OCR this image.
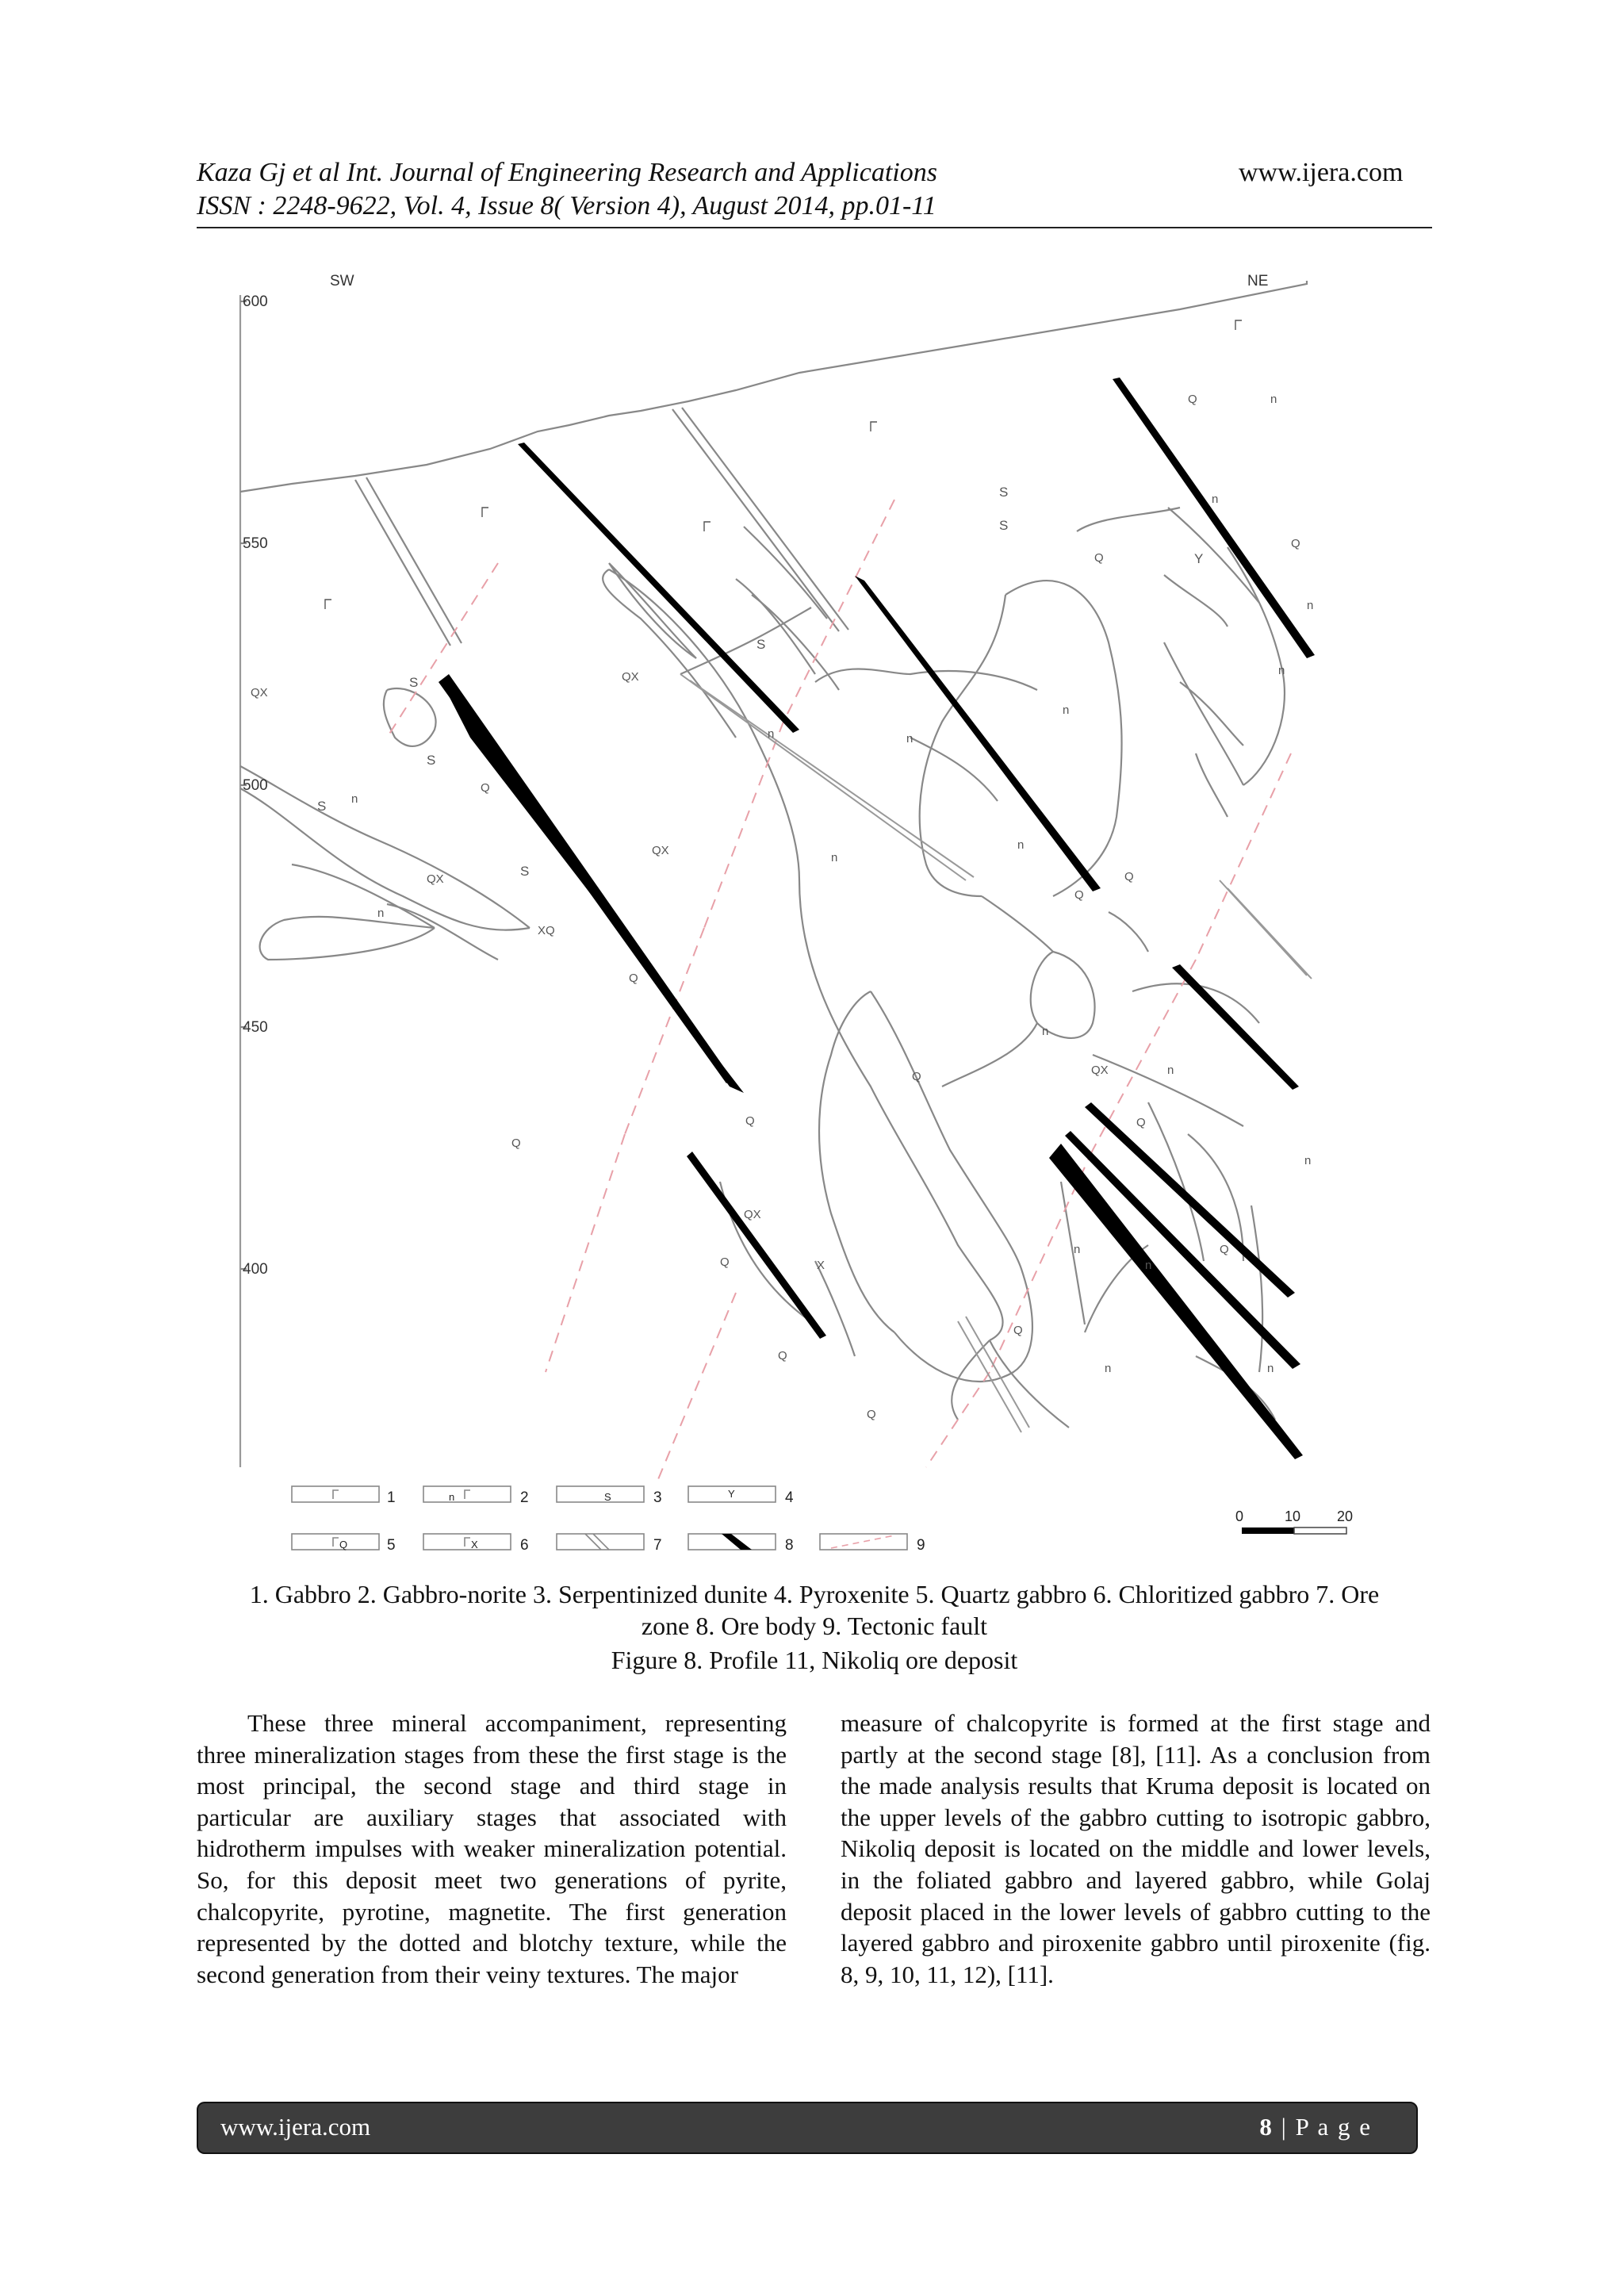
Kaza Gj et al Int. Journal of Engineering Research and Applications
ISSN : 2248-9622, Vol. 4, Issue 8( Version 4), August 2014, pp.01-11
www.ijera.com
600
550
500
450
400
SW	NE
Q
Q
Q
Q
Q
Q
Q
Q
Q	Q
Q
Q
Q
Q
Q
Q
n
n
n
n
n
n	n
n
n
n
n
n
n
n
n
n
n	n
QX
QX
QX
QX
QX
QX
XQ
X
S
S
S
S
S
S
S
Y
1	n	2	S	3	Y	4
Q	5	X	6	7	8	9
0	10	20
1. Gabbro 2. Gabbro-norite 3. Serpentinized dunite 4. Pyroxenite 5. Quartz gabbro 6. Chloritized gabbro 7. Ore
zone 8. Ore body 9. Tectonic fault
Figure 8. Profile 11, Nikoliq ore deposit
These three mineral accompaniment, representing three mineralization stages from these the first stage is the most principal, the second stage and third stage in particular are auxiliary stages that associated with hidrotherm impulses with weaker mineralization potential. So, for this deposit meet two generations of pyrite, chalcopyrite, pyrotine, magnetite. The first generation represented by the dotted and blotchy texture, while the second generation from their veiny textures. The major
measure of chalcopyrite is formed at the first stage and partly at the second stage [8], [11]. As a conclusion from the made analysis results that Kruma deposit is located on the upper levels of the gabbro cutting to isotropic gabbro, Nikoliq deposit is located on the middle and lower levels, in the foliated gabbro and layered gabbro, while Golaj deposit placed in the lower levels of gabbro cutting to the layered gabbro and piroxenite gabbro until piroxenite (fig. 8, 9, 10, 11, 12), [11].
www.ijera.com	8 | P a g e
